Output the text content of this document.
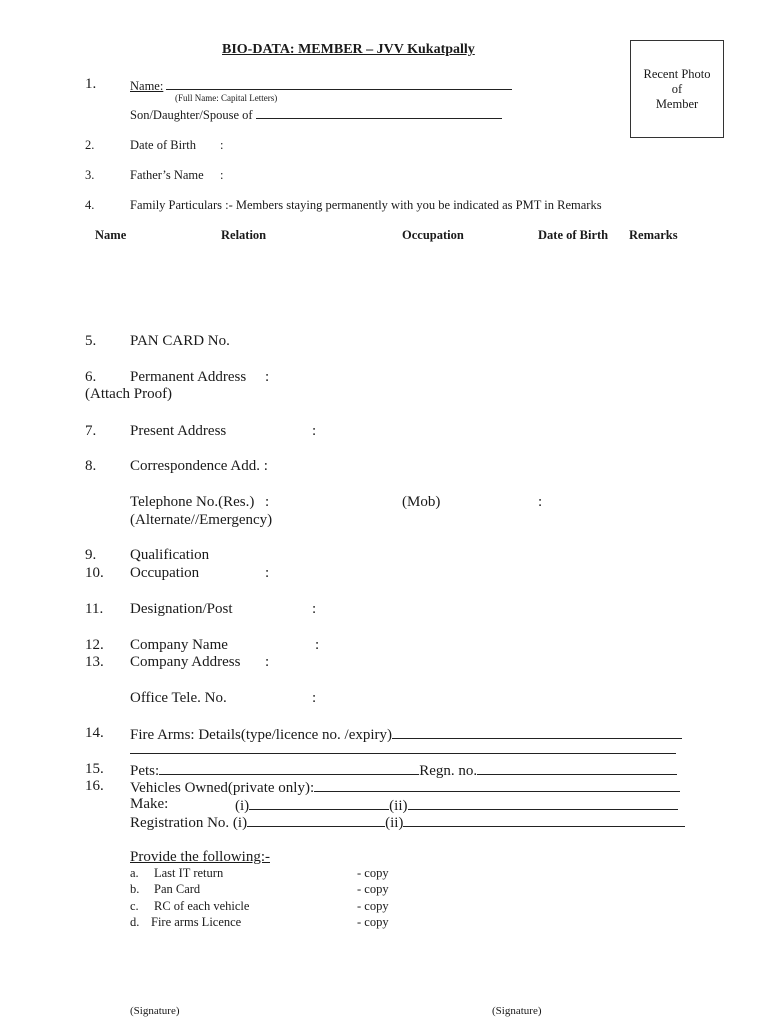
BIO-DATA: MEMBER – JVV Kukatpally
Recent Photo
of
Member
1.	Name:
(Full Name: Capital Letters)
Son/Daughter/Spouse of
2.	Date of Birth :
3.	Father’s Name :
4.	Family Particulars :- Members staying permanently with you be indicated as PMT in Remarks
Name	Relation	Occupation	Date of Birth Remarks
5. PAN CARD No.
6. Permanent Address :
(Attach Proof)
7. Present Address	:
8. Correspondence Add. :
Telephone No.(Res.) :	(Mob)	:
(Alternate//Emergency)
9. Qualification
10. Occupation	:
11. Designation/Post	:
12. Company Name	:
13. Company Address :
Office Tele. No.	:
14. Fire Arms: Details(type/licence no. /expiry)
15. Pets:	Regn. no.
16. Vehicles Owned(private only):
Make:	(i)	(ii)
Registration No. (i)	(ii)
Provide the following:-
a. Last IT return	- copy
b. Pan Card	- copy
c. RC of each vehicle	- copy
d. Fire arms Licence	- copy
(Signature)	(Signature)
